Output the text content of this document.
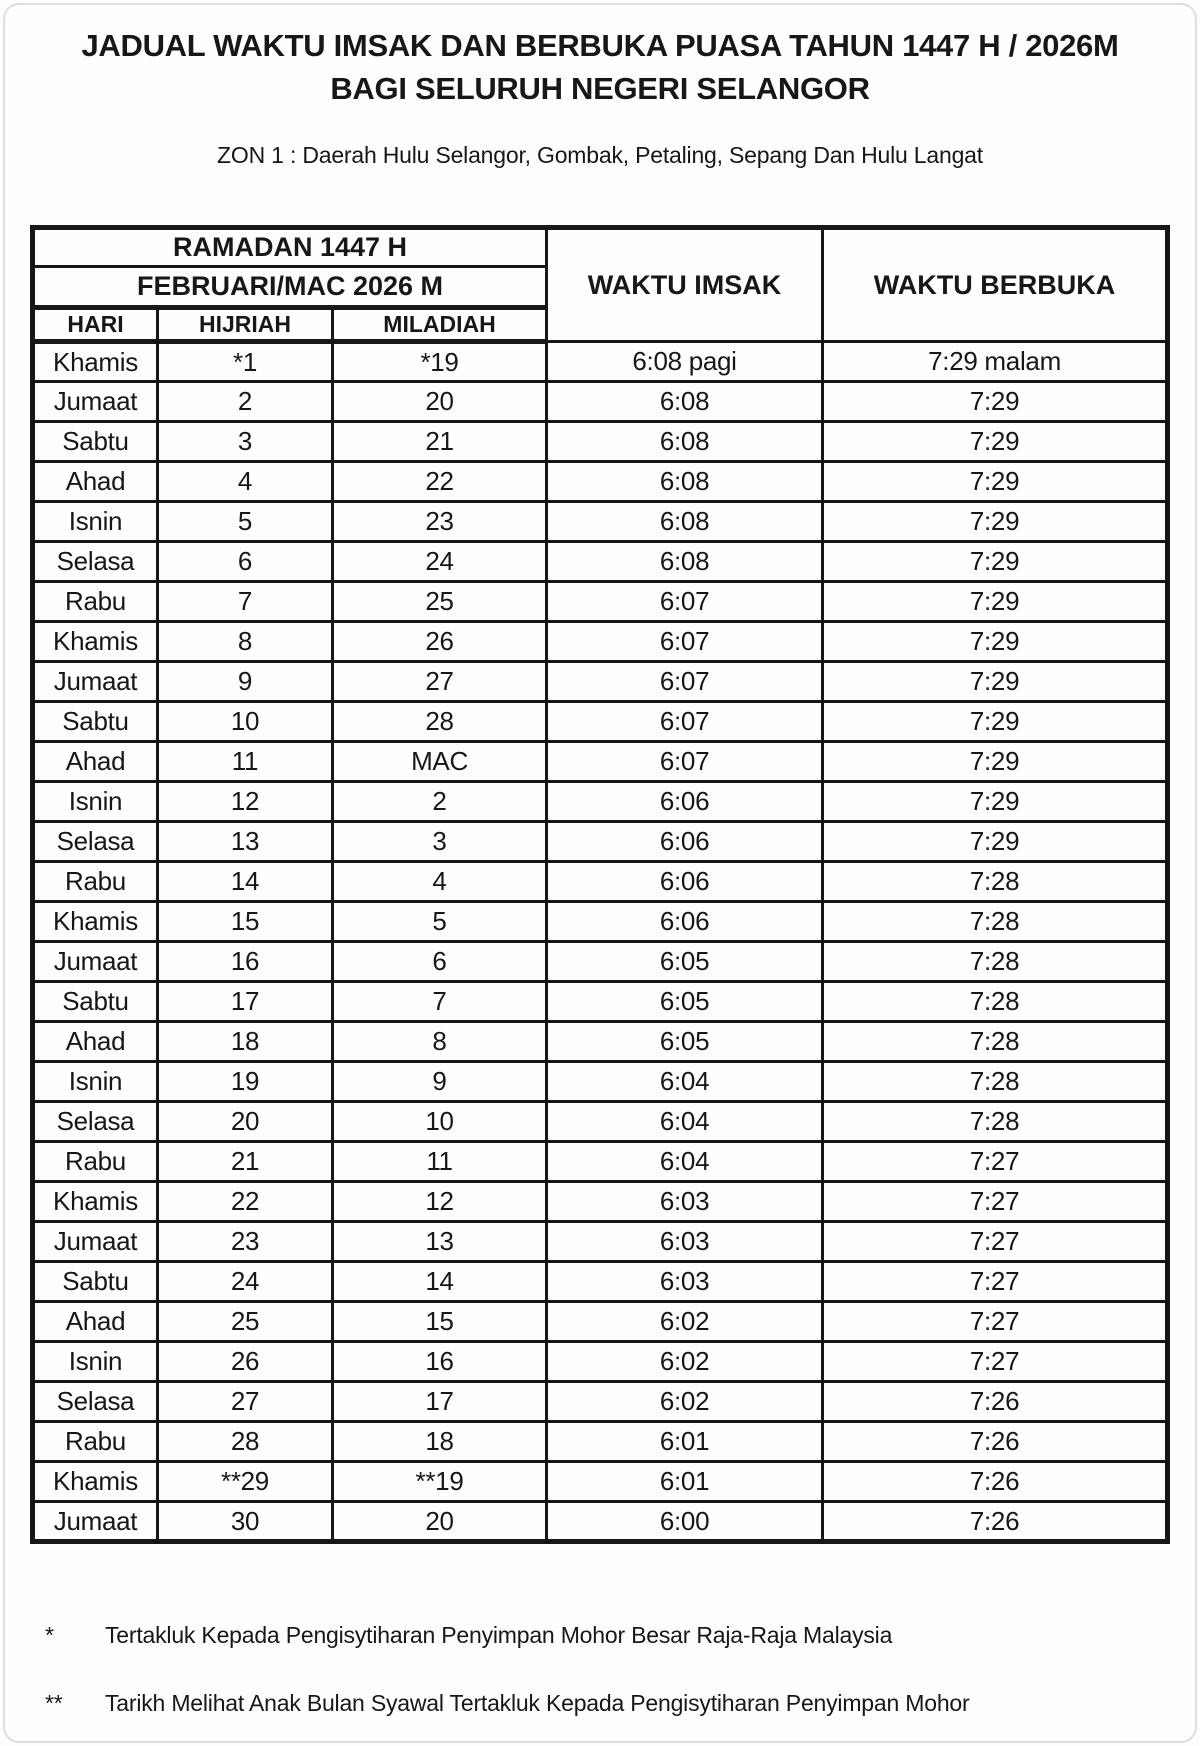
JADUAL WAKTU IMSAK DAN BERBUKA PUASA TAHUN 1447 H / 2026M
BAGI SELURUH NEGERI SELANGOR
ZON 1 : Daerah Hulu Selangor, Gombak, Petaling, Sepang Dan Hulu Langat
RAMADAN 1447 H			WAKTU IMSAK	WAKTU BERBUKA
FEBRUARI/MAC 2026 M				
HARI	HIJRIAH	MILADIAH		
Khamis	*1	*19	6:08 pagi	7:29 malam
Jumaat	2	20	6:08	7:29
Sabtu	3	21	6:08	7:29
Ahad	4	22	6:08	7:29
Isnin	5	23	6:08	7:29
Selasa	6	24	6:08	7:29
Rabu	7	25	6:07	7:29
Khamis	8	26	6:07	7:29
Jumaat	9	27	6:07	7:29
Sabtu	10	28	6:07	7:29
Ahad	11	MAC	6:07	7:29
Isnin	12	2	6:06	7:29
Selasa	13	3	6:06	7:29
Rabu	14	4	6:06	7:28
Khamis	15	5	6:06	7:28
Jumaat	16	6	6:05	7:28
Sabtu	17	7	6:05	7:28
Ahad	18	8	6:05	7:28
Isnin	19	9	6:04	7:28
Selasa	20	10	6:04	7:28
Rabu	21	11	6:04	7:27
Khamis	22	12	6:03	7:27
Jumaat	23	13	6:03	7:27
Sabtu	24	14	6:03	7:27
Ahad	25	15	6:02	7:27
Isnin	26	16	6:02	7:27
Selasa	27	17	6:02	7:26
Rabu	28	18	6:01	7:26
Khamis	**29	**19	6:01	7:26
Jumaat	30	20	6:00	7:26
* Tertakluk Kepada Pengisytiharan Penyimpan Mohor Besar Raja-Raja Malaysia
** Tarikh Melihat Anak Bulan Syawal Tertakluk Kepada Pengisytiharan Penyimpan Mohor
